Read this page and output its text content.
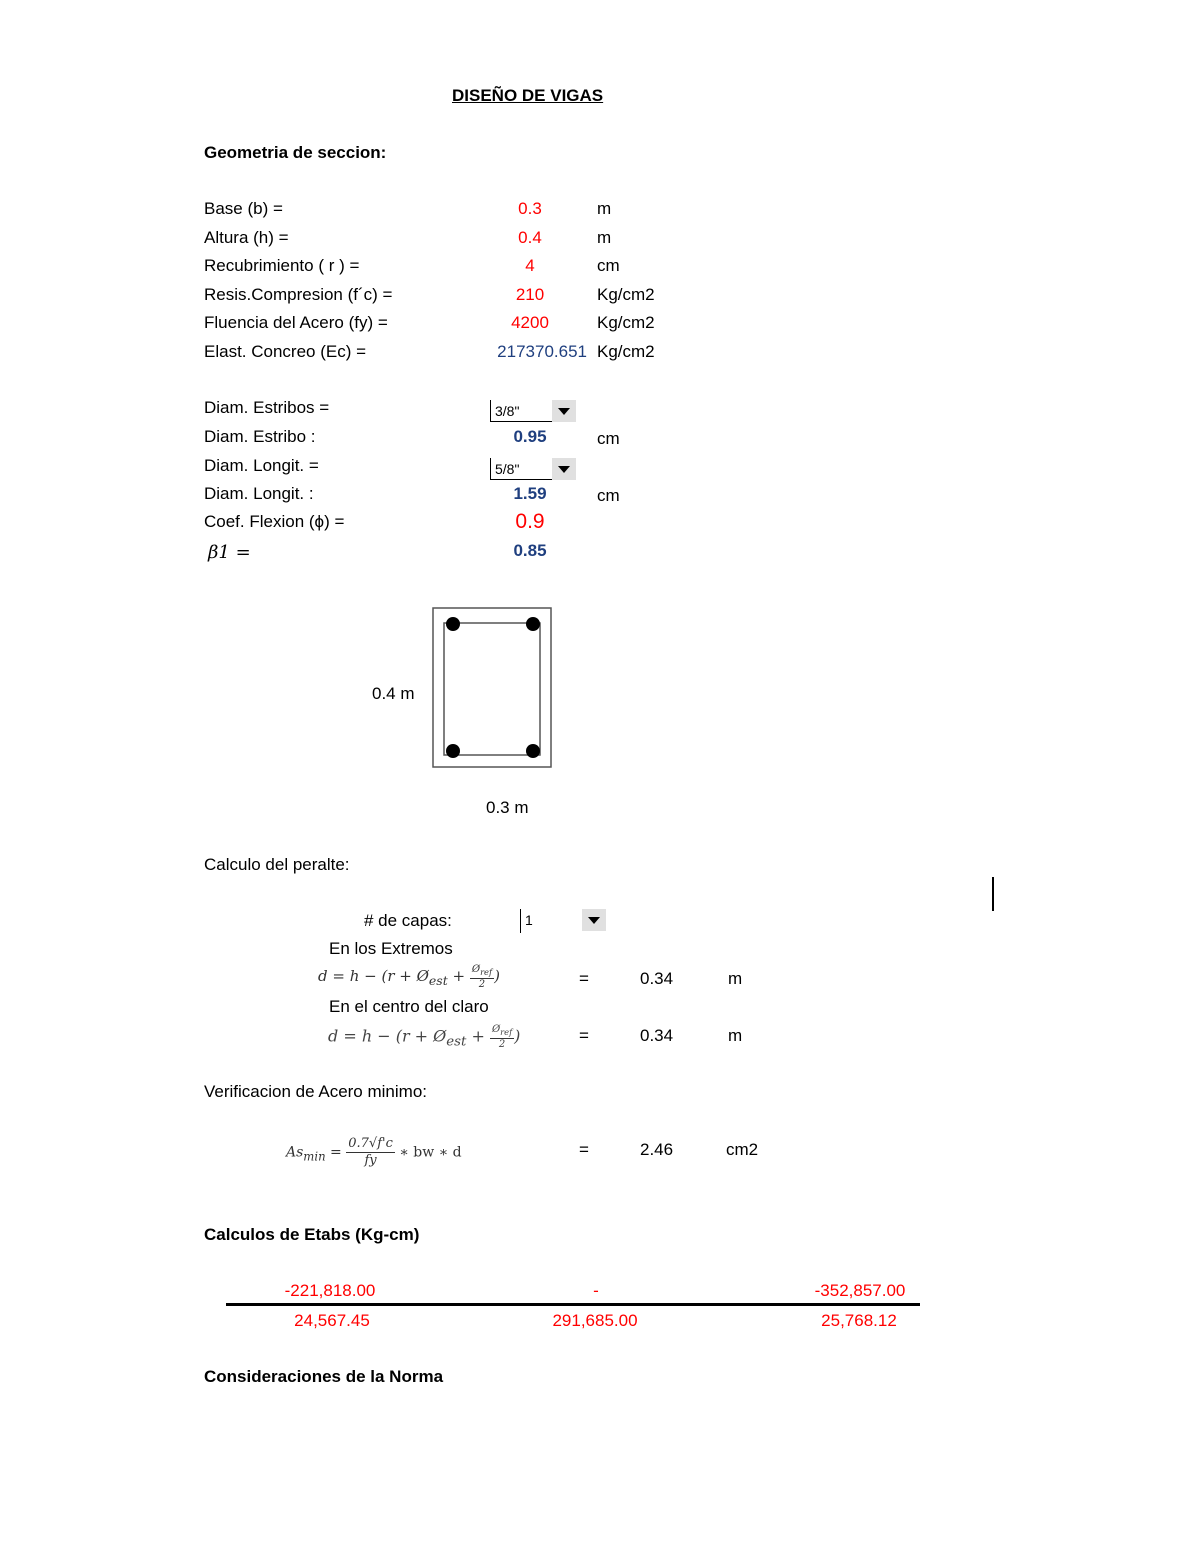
DISEÑO DE VIGAS
Geometria de seccion:
Base (b) =	0.3	m
Altura (h) =	0.4	m
Recubrimiento ( r ) =	4	cm
Resis.Compresion (f´c) =	210	Kg/cm2
Fluencia del Acero (fy) =	4200	Kg/cm2
Elast. Concreo (Ec) =	217370.651 Kg/cm2
Diam. Estribos =	3/8"
Diam. Estribo :	0.95	cm
Diam. Longit. =	5/8"
Diam. Longit. :	1.59	cm
Coef. Flexion (ϕ) =	0.9
β1 =	0.85
0.4 m
0.3 m
Calculo del peralte:
# de capas:	1
En los Extremos
$d = h - (r + Ø_{est} + \frac{Ø_{ref}}{2})$	=	0.34	m
En el centro del claro
$d = h - (r + Ø_{est} + \frac{Ø_{ref}}{2})$	=	0.34	m
Verificacion de Acero minimo:
$As_{min} = \frac{0.7√f'c}{fy}$ ∗ bw ∗ d	=	2.46	cm2
Calculos de Etabs (Kg-cm)
-221,818.00	-	-352,857.00
24,567.45	291,685.00	25,768.12
Consideraciones de la Norma
